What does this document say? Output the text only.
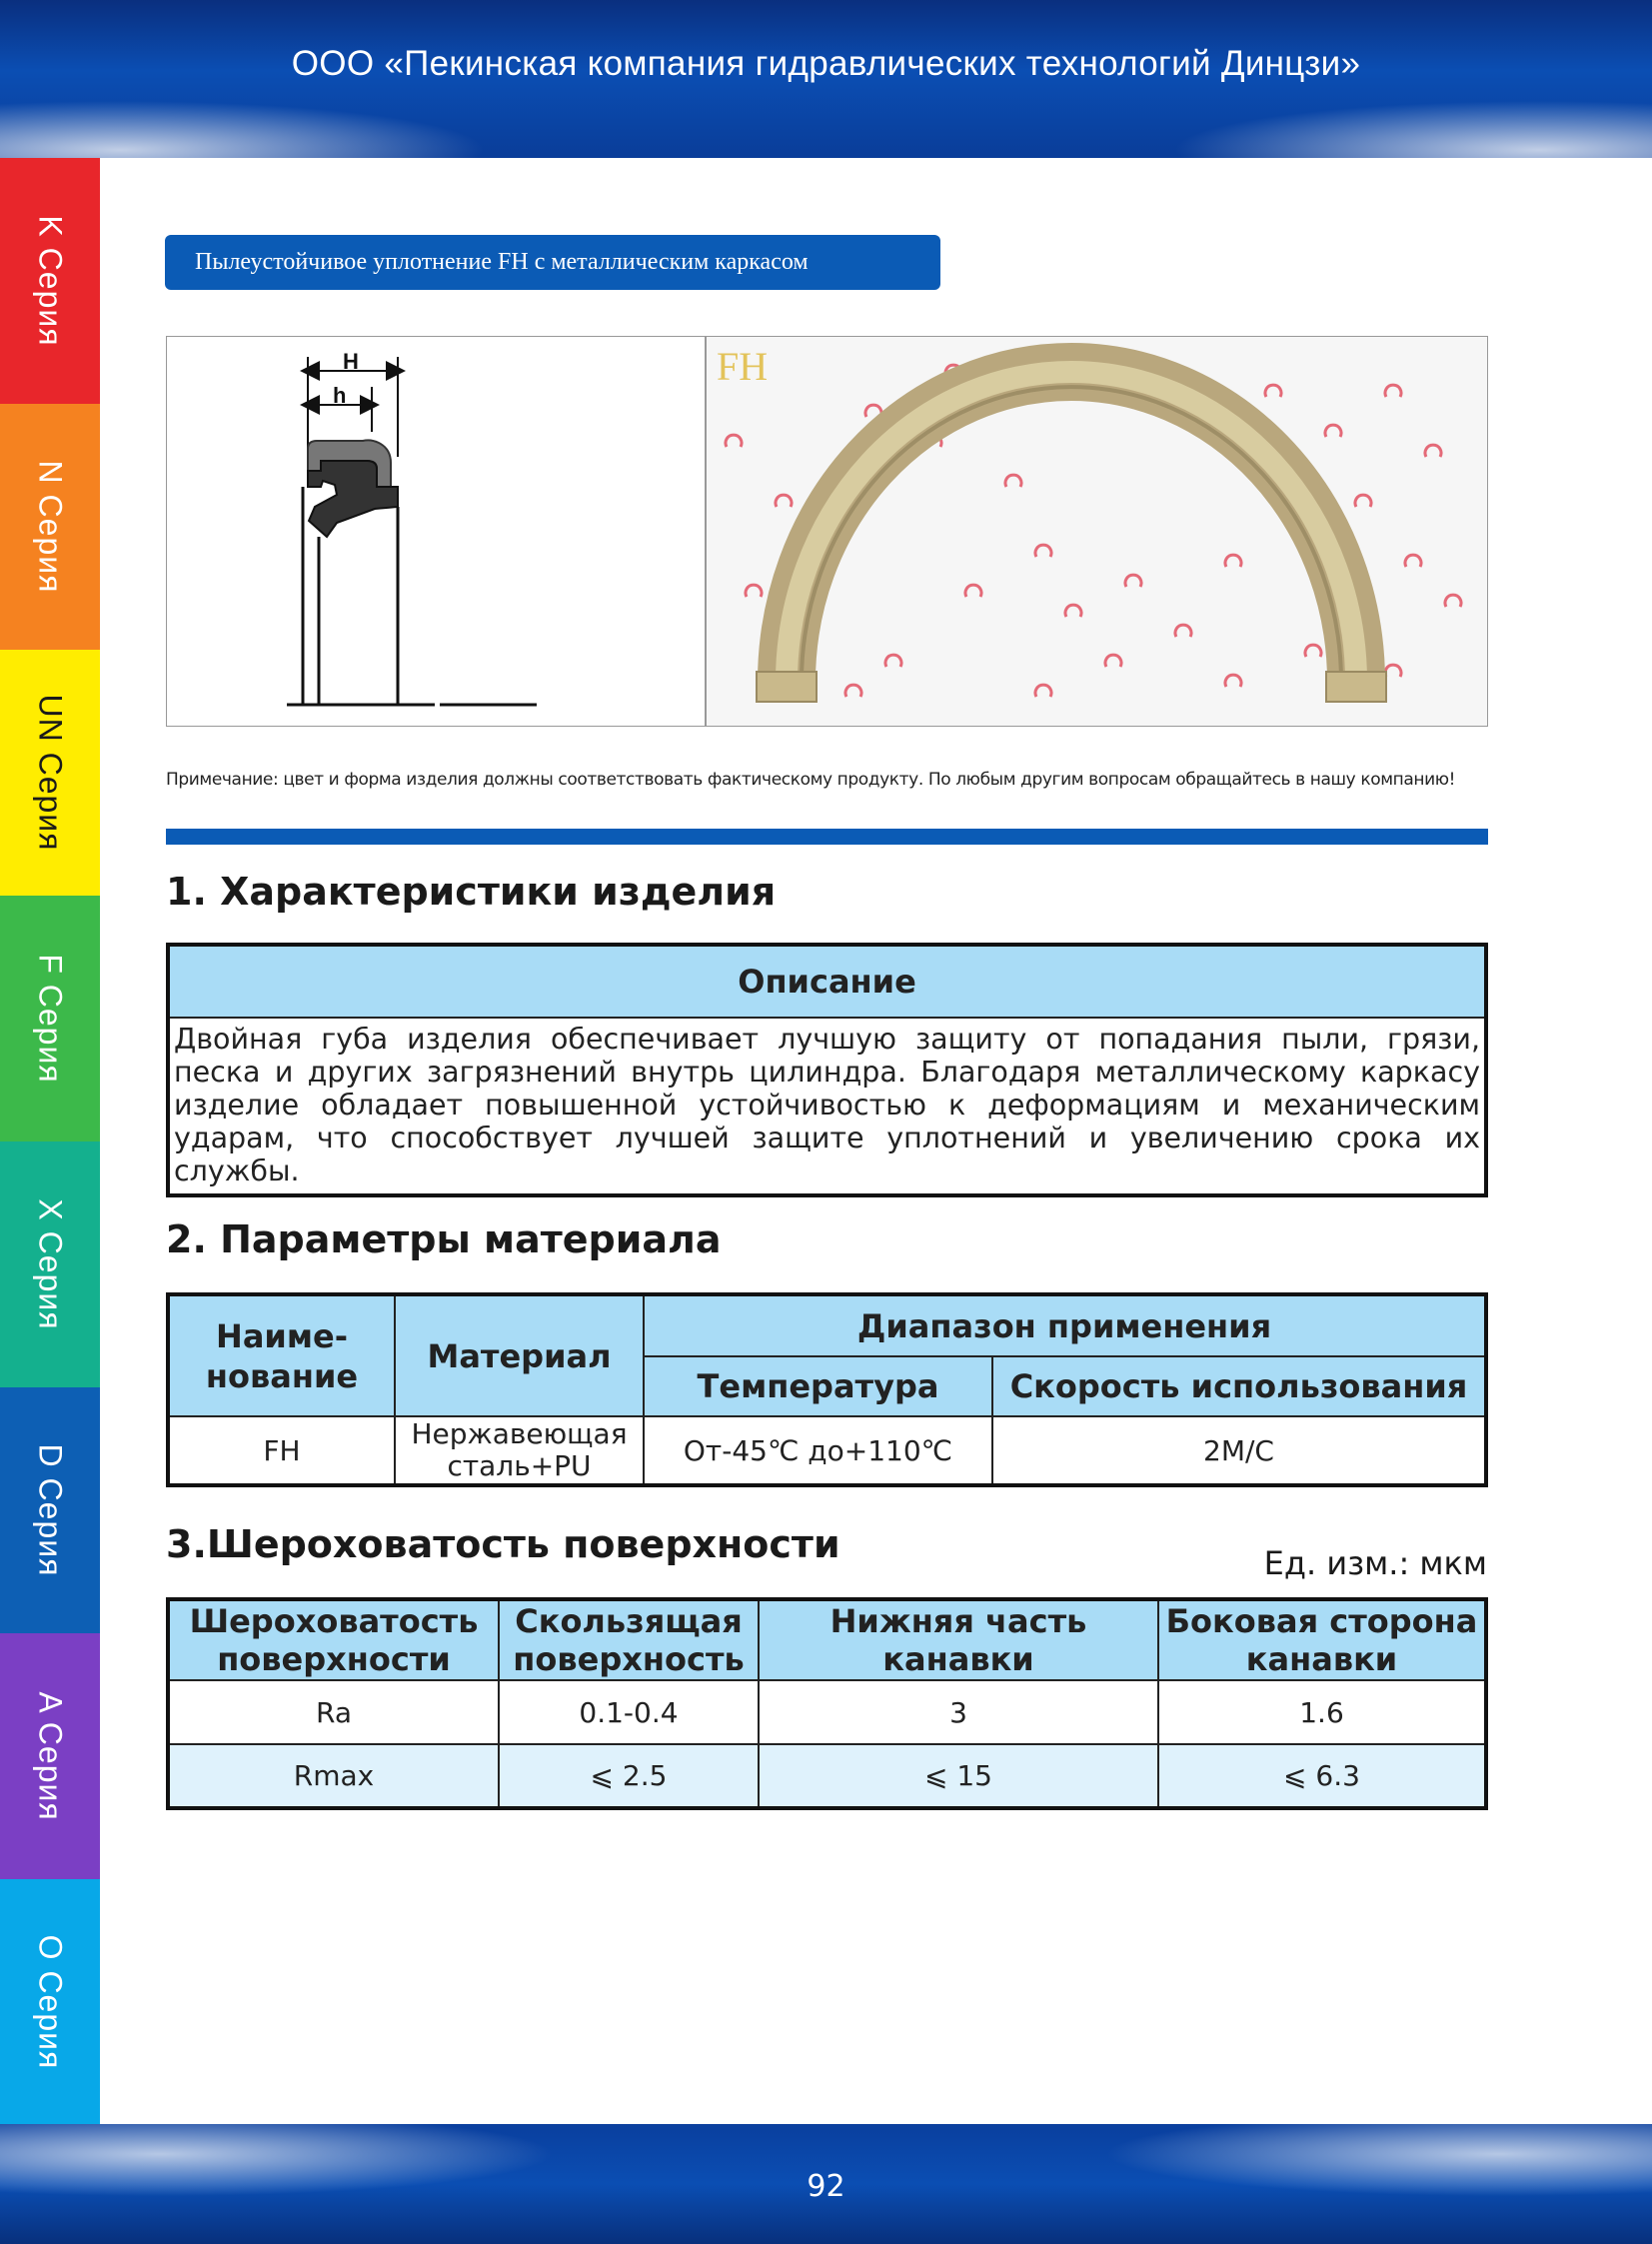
ООО «Пекинская компания гидравлических технологий Динцзи»
K Серия
N Серия
UN Серия
F Серия
X Серия
D Серия
A Серия
O Серия
Пылеустойчивое уплотнение FH с металлическим каркасом
H
h
FH
Примечание: цвет и форма изделия должны соответствовать фактическому продукту. По любым другим вопросам обращайтесь в нашу компанию!
1. Характеристики изделия
Описание
Двойная губа изделия обеспечивает лучшую защиту от попадания пыли, грязи, песка и других загрязнений внутрь цилиндра. Благодаря металлическому каркасу изделие обладает повышенной устойчивостью к деформациям и механическим ударам, что способствует лучшей защите уплотнений и увеличению срока их службы.
2. Параметры материала
Наиме-нование	Материал	Диапазон применения	
		Температура	Скорость использования
FH	Нержавеющая сталь+PU	От-45℃ до+110℃	2M/C
3.Шероховатость поверхности	Ед. изм.: мкм
Шероховатость поверхности	Скользящая поверхность	Нижняя часть канавки	Боковая сторона канавки
Ra	0.1-0.4	3	1.6
Rmax	⩽ 2.5	⩽ 15	⩽ 6.3
92
